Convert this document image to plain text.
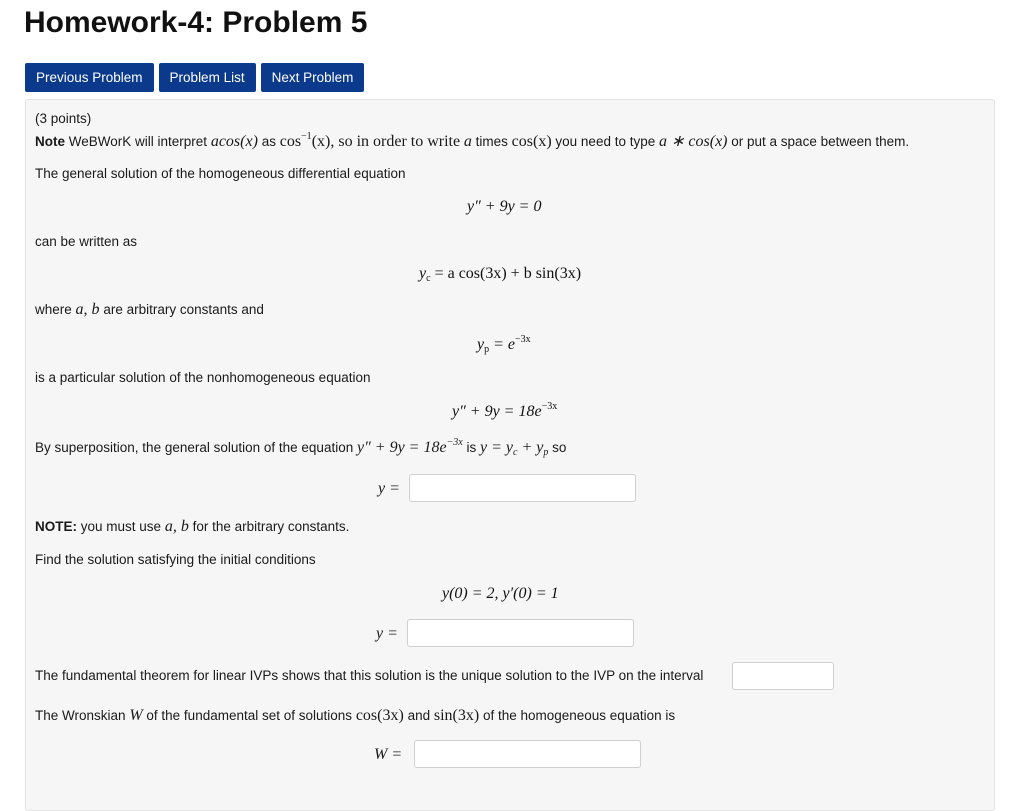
Homework-4: Problem 5
Previous Problem	Problem List	Next Problem
(3 points)
Note WeBWorK will interpret acos(x) as $\cos^{-1}(x)$, so in order to write a times cos(x) you need to type a ∗ cos(x) or put a space between them.
The general solution of the homogeneous differential equation
y″ + 9y = 0
can be written as
$y_c = a$ cos(3x) + b sin(3x)
where a, b are arbitrary constants and
$y_p = e^{-3x}$
is a particular solution of the nonhomogeneous equation
$y'' + 9y = 18e^{-3x}$
By superposition, the general solution of the equation $y'' + 9y = 18e^{-3x}$ is $y = y_c + y_p$ so
y =
NOTE: you must use a, b for the arbitrary constants.
Find the solution satisfying the initial conditions
y(0) = 2, y′(0) = 1
y =
The fundamental theorem for linear IVPs shows that this solution is the unique solution to the IVP on the interval
The Wronskian W of the fundamental set of solutions cos(3x) and sin(3x) of the homogeneous equation is
W =
